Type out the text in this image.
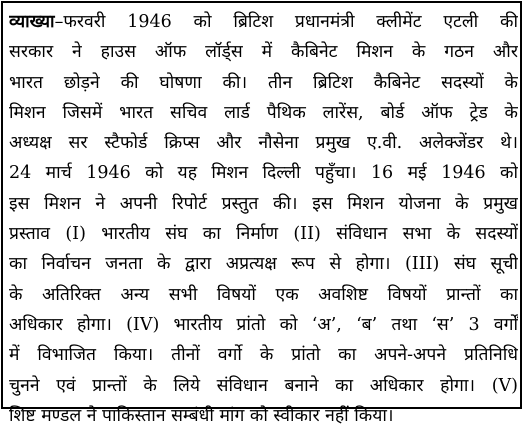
व्याख्या–फरवरी 1946 को ब्रिटिश प्रधानमंत्री क्लीमेंट एटली की
सरकार ने हाउस ऑफ लॉर्ड्स में कैबिनेट मिशन के गठन और
भारत छोड़ने की घोषणा की। तीन ब्रिटिश कैबिनेट सदस्यों के
मिशन जिसमें भारत सचिव लार्ड पैथिक लारेंस, बोर्ड ऑफ ट्रेड के
अध्यक्ष सर स्टैफोर्ड क्रिप्स और नौसेना प्रमुख ए.वी. अलेक्जेंडर थे।
24 मार्च 1946 को यह मिशन दिल्ली पहुँचा। 16 मई 1946 को
इस मिशन ने अपनी रिपोर्ट प्रस्तुत की। इस मिशन योजना के प्रमुख
प्रस्ताव (I) भारतीय संघ का निर्माण (II) संविधान सभा के सदस्यों
का निर्वाचन जनता के द्वारा अप्रत्यक्ष रूप से होगा। (III) संघ सूची
के अतिरिक्त अन्य सभी विषयों एक अवशिष्ट विषयों प्रान्तों का
अधिकार होगा। (IV) भारतीय प्रांतो को ‘अ’, ‘ब’ तथा ‘स’ 3 वर्गों
में विभाजित किया। तीनों वर्गो के प्रांतो का अपने-अपने प्रतिनिधि
चुनने एवं प्रान्तों के लिये संविधान बनाने का अधिकार होगा। (V)
शिष्ट मण्डल ने पाकिस्तान सम्बंधी मांग को स्वीकार नहीं किया।
